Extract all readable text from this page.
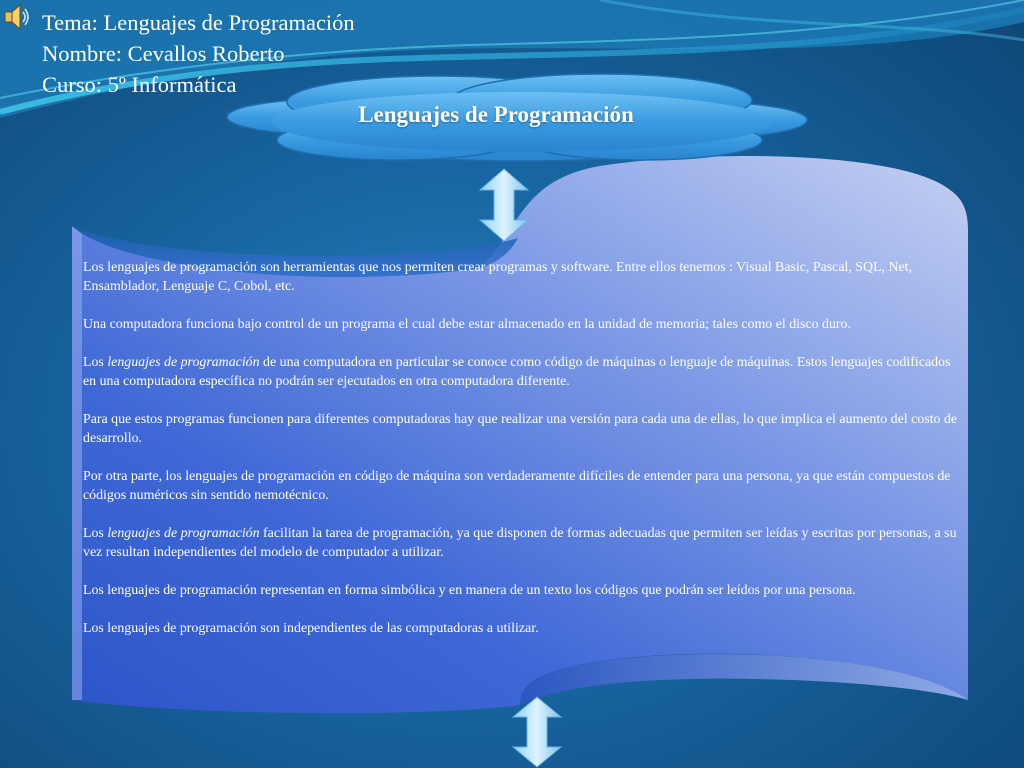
Tema: Lenguajes de Programación
Nombre: Cevallos Roberto
Curso: 5º Informática
Lenguajes de Programación

Los lenguajes de programación son herramientas que nos permiten crear programas y software. Entre ellos tenemos : Visual Basic, Pascal, SQL, Net, Ensamblador, Lenguaje C, Cobol, etc.

Una computadora funciona bajo control de un programa el cual debe estar almacenado en la unidad de memoria; tales como el disco duro.

Los lenguajes de programación de una computadora en particular se conoce como código de máquinas o lenguaje de máquinas. Estos lenguajes codificados en una computadora específica no podrán ser ejecutados en otra computadora diferente.

Para que estos programas funcionen para diferentes computadoras hay que realizar una versión para cada una de ellas, lo que implica el aumento del costo de desarrollo.

Por otra parte, los lenguajes de programación en código de máquina son verdaderamente difíciles de entender para una persona, ya que están compuestos de códigos numéricos sin sentido nemotécnico.

Los lenguajes de programación facilitan la tarea de programación, ya que disponen de formas adecuadas que permiten ser leídas y escritas por personas, a su vez resultan independientes del modelo de computador a utilizar.

Los lenguajes de programación representan en forma simbólica y en manera de un texto los códigos que podrán ser leídos por una persona.

Los lenguajes de programación son independientes de las computadoras a utilizar.
